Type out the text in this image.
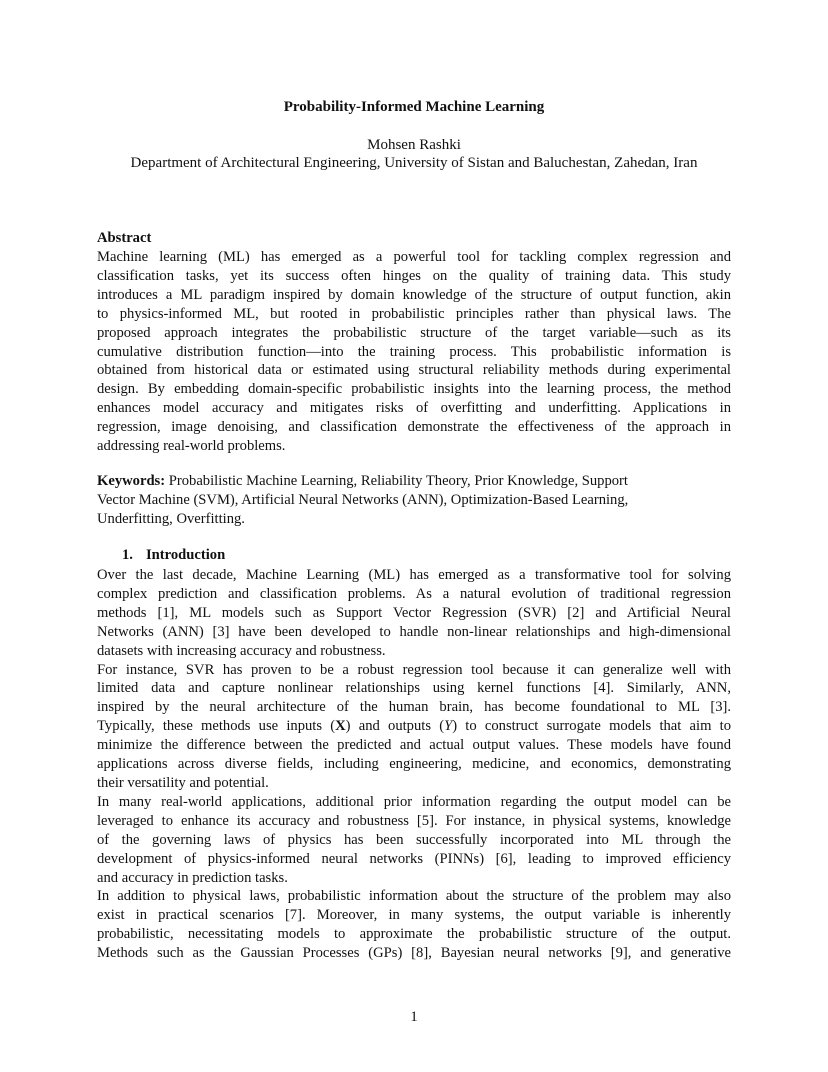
Probability-Informed Machine Learning
Mohsen Rashki
Department of Architectural Engineering, University of Sistan and Baluchestan, Zahedan, Iran
Abstract

Machine learning (ML) has emerged as a powerful tool for tackling complex regression and

classification tasks, yet its success often hinges on the quality of training data. This study

introduces a ML paradigm inspired by domain knowledge of the structure of output function, akin

to physics-informed ML, but rooted in probabilistic principles rather than physical laws. The

proposed approach integrates the probabilistic structure of the target variable—such as its

cumulative distribution function—into the training process. This probabilistic information is

obtained from historical data or estimated using structural reliability methods during experimental

design. By embedding domain-specific probabilistic insights into the learning process, the method

enhances model accuracy and mitigates risks of overfitting and underfitting. Applications in

regression, image denoising, and classification demonstrate the effectiveness of the approach in

addressing real-world problems.

Keywords: Probabilistic Machine Learning, Reliability Theory, Prior Knowledge, Support

Vector Machine (SVM), Artificial Neural Networks (ANN), Optimization-Based Learning,

Underfitting, Overfitting.

1. Introduction

Over the last decade, Machine Learning (ML) has emerged as a transformative tool for solving

complex prediction and classification problems. As a natural evolution of traditional regression

methods [1], ML models such as Support Vector Regression (SVR) [2] and Artificial Neural

Networks (ANN) [3] have been developed to handle non-linear relationships and high-dimensional

datasets with increasing accuracy and robustness.

For instance, SVR has proven to be a robust regression tool because it can generalize well with

limited data and capture nonlinear relationships using kernel functions [4]. Similarly, ANN,

inspired by the neural architecture of the human brain, has become foundational to ML [3].

Typically, these methods use inputs (X) and outputs (Y) to construct surrogate models that aim to

minimize the difference between the predicted and actual output values. These models have found

applications across diverse fields, including engineering, medicine, and economics, demonstrating

their versatility and potential.

In many real-world applications, additional prior information regarding the output model can be

leveraged to enhance its accuracy and robustness [5]. For instance, in physical systems, knowledge

of the governing laws of physics has been successfully incorporated into ML through the

development of physics-informed neural networks (PINNs) [6], leading to improved efficiency

and accuracy in prediction tasks.

In addition to physical laws, probabilistic information about the structure of the problem may also

exist in practical scenarios [7]. Moreover, in many systems, the output variable is inherently

probabilistic, necessitating models to approximate the probabilistic structure of the output.

Methods such as the Gaussian Processes (GPs) [8], Bayesian neural networks [9], and generative

1
